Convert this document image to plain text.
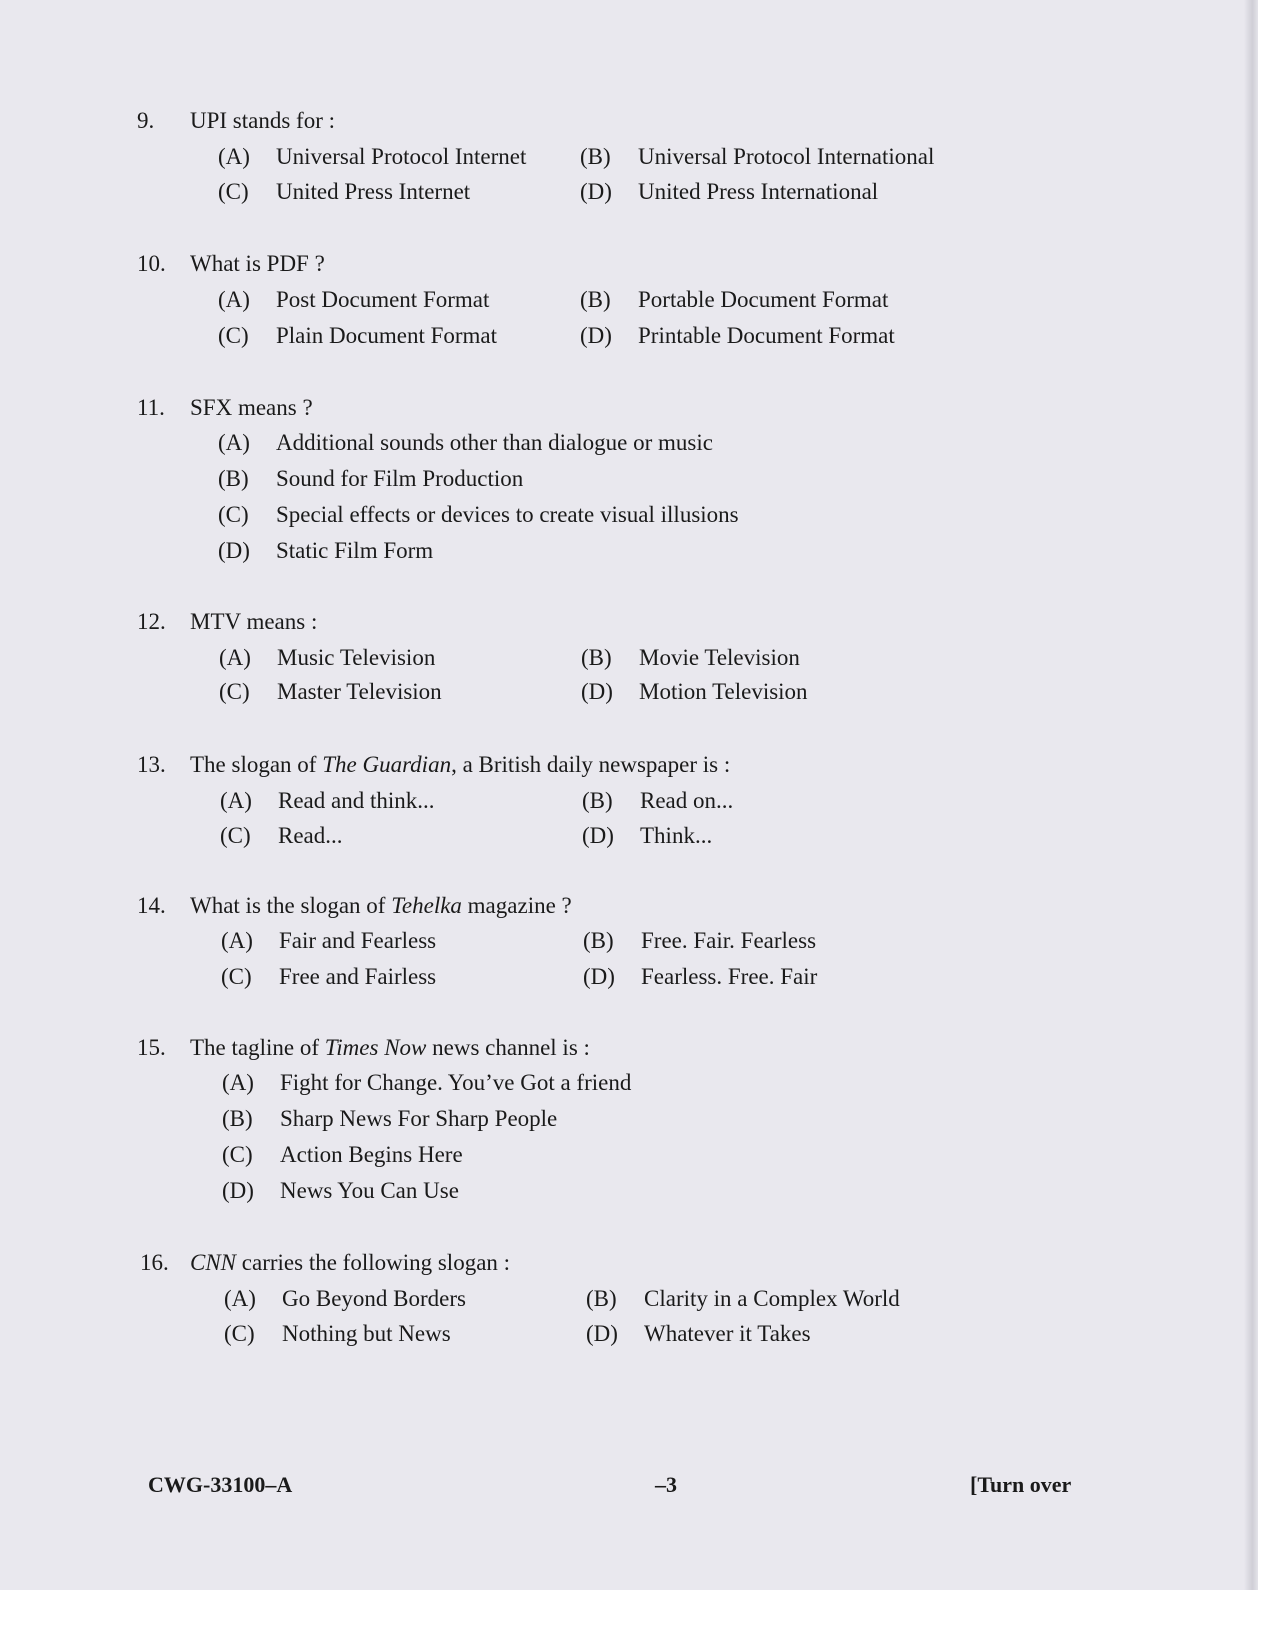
9. UPI stands for :
(A) Universal Protocol Internet (B) Universal Protocol International
(C) United Press Internet	(D) United Press International
10. What is PDF ?
(A) Post Document Format	(B) Portable Document Format
(C) Plain Document Format	(D) Printable Document Format
11. SFX means ?
(A) Additional sounds other than dialogue or music
(B) Sound for Film Production
(C) Special effects or devices to create visual illusions
(D) Static Film Form
12. MTV means :
(A) Music Television	(B) Movie Television
(C) Master Television	(D) Motion Television
13. The slogan of The Guardian, a British daily newspaper is :
(A) Read and think...	(B) Read on...
(C) Read...	(D) Think...
14. What is the slogan of Tehelka magazine ?
(A) Fair and Fearless	(B) Free. Fair. Fearless
(C) Free and Fairless	(D) Fearless. Free. Fair
15. The tagline of Times Now news channel is :
(A) Fight for Change. You’ve Got a friend
(B) Sharp News For Sharp People
(C) Action Begins Here
(D) News You Can Use
16. CNN carries the following slogan :
(A) Go Beyond Borders	(B) Clarity in a Complex World
(C) Nothing but News	(D) Whatever it Takes
CWG-33100–A	–3	[Turn over
